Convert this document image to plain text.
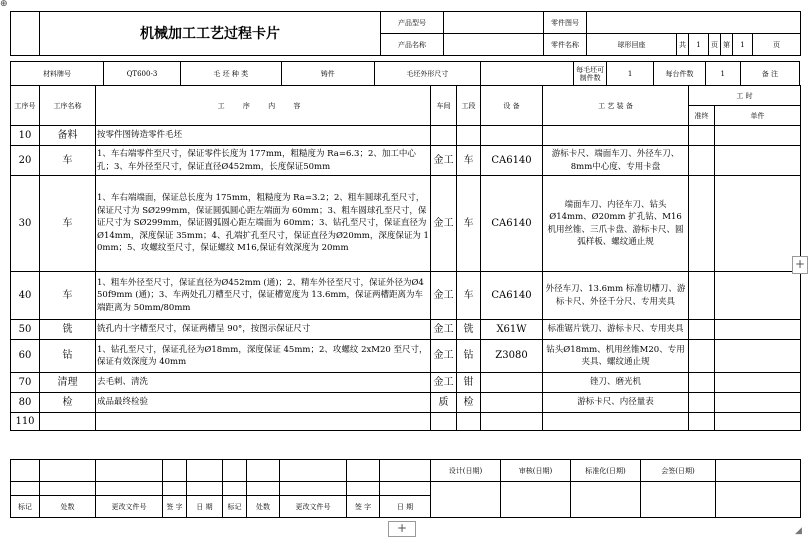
⊕
	机械加工工艺过程卡片	产品型号		零件图号							
		产品名称		零件名称	球形回座	共	1	页	第	1	页
材料牌号	QT600-3	毛 坯 种 类	铸件	毛坯外形尺寸		每毛坯可制件数	1	每台件数	1	备 注
工序号	工序名称	工 序 内 容	车间	工段	设 备	工 艺 装 备	工 时	
							准终	单件
10	备料	按零件图铸造零件毛坯						
20	车	1、车右端零件至尺寸，保证零件长度为 177mm，粗糙度为 Ra=6.3；2、加工中心孔；3、车外径至尺寸，保证直径Ø452mm，长度保证50mm	金工	车	CA6140	游标卡尺、端面车刀、外径车刀、8mm中心度、专用卡盘		
30	车	1、车右端端面，保证总长度为 175mm，粗糙度为 Ra=3.2；2、粗车圆球孔至尺寸，保证尺寸为 SØ299mm，保证圆弧圆心距左端面为 60mm；3、粗车圆球孔至尺寸，保证尺寸为 SØ299mm，保证圆弧圆心距左端面为 60mm；3、钻孔至尺寸，保证直径为Ø14mm，深度保证 35mm；4、孔端扩孔至尺寸，保证直径为Ø20mm，深度保证为 10mm；5、攻螺纹至尺寸，保证螺纹 M16,保证有效深度为 20mm	金工	车	CA6140	端面车刀、内径车刀、钻头Ø14mm、Ø20mm 扩孔钻、M16 机用丝锥、三爪卡盘、游标卡尺、圆弧样板、螺纹通止规		
40	车	1、粗车外径至尺寸，保证直径为Ø452mm (通)；2、精车外径至尺寸，保证外径为Ø450f9mm (通)；3、车两处孔刀槽至尺寸，保证槽宽度为 13.6mm，保证两槽距离为车端距离为 50mm/80mm	金工	车	CA6140	外径车刀、13.6mm 标准切槽刀、游标卡尺、外径千分尺、专用夹具		
50	铣	铣孔内十字槽至尺寸，保证两槽呈 90°，按图示保证尺寸	金工	铣	X61W	标准锯片铣刀、游标卡尺、专用夹具		
60	钻	1、钻孔至尺寸，保证孔径为Ø18mm，深度保证 45mm；2、攻螺纹 2xM20 至尺寸，保证有效深度为 40mm	金工	钻	Z3080	钻头Ø18mm、机用丝锥M20、专用夹具、螺纹通止规		
70	清理	去毛刺、清洗	金工	钳		锉刀、磨光机		
80	检	成品最终检验	质	检		游标卡尺、内径量表		
110								
										设计(日期)	审核(日期)	标准化(日期)	会签(日期)	

标记	处数	更改文件号	签 字	日 期	标记	处数	更改文件号	签 字	日 期					
+
+	◢
